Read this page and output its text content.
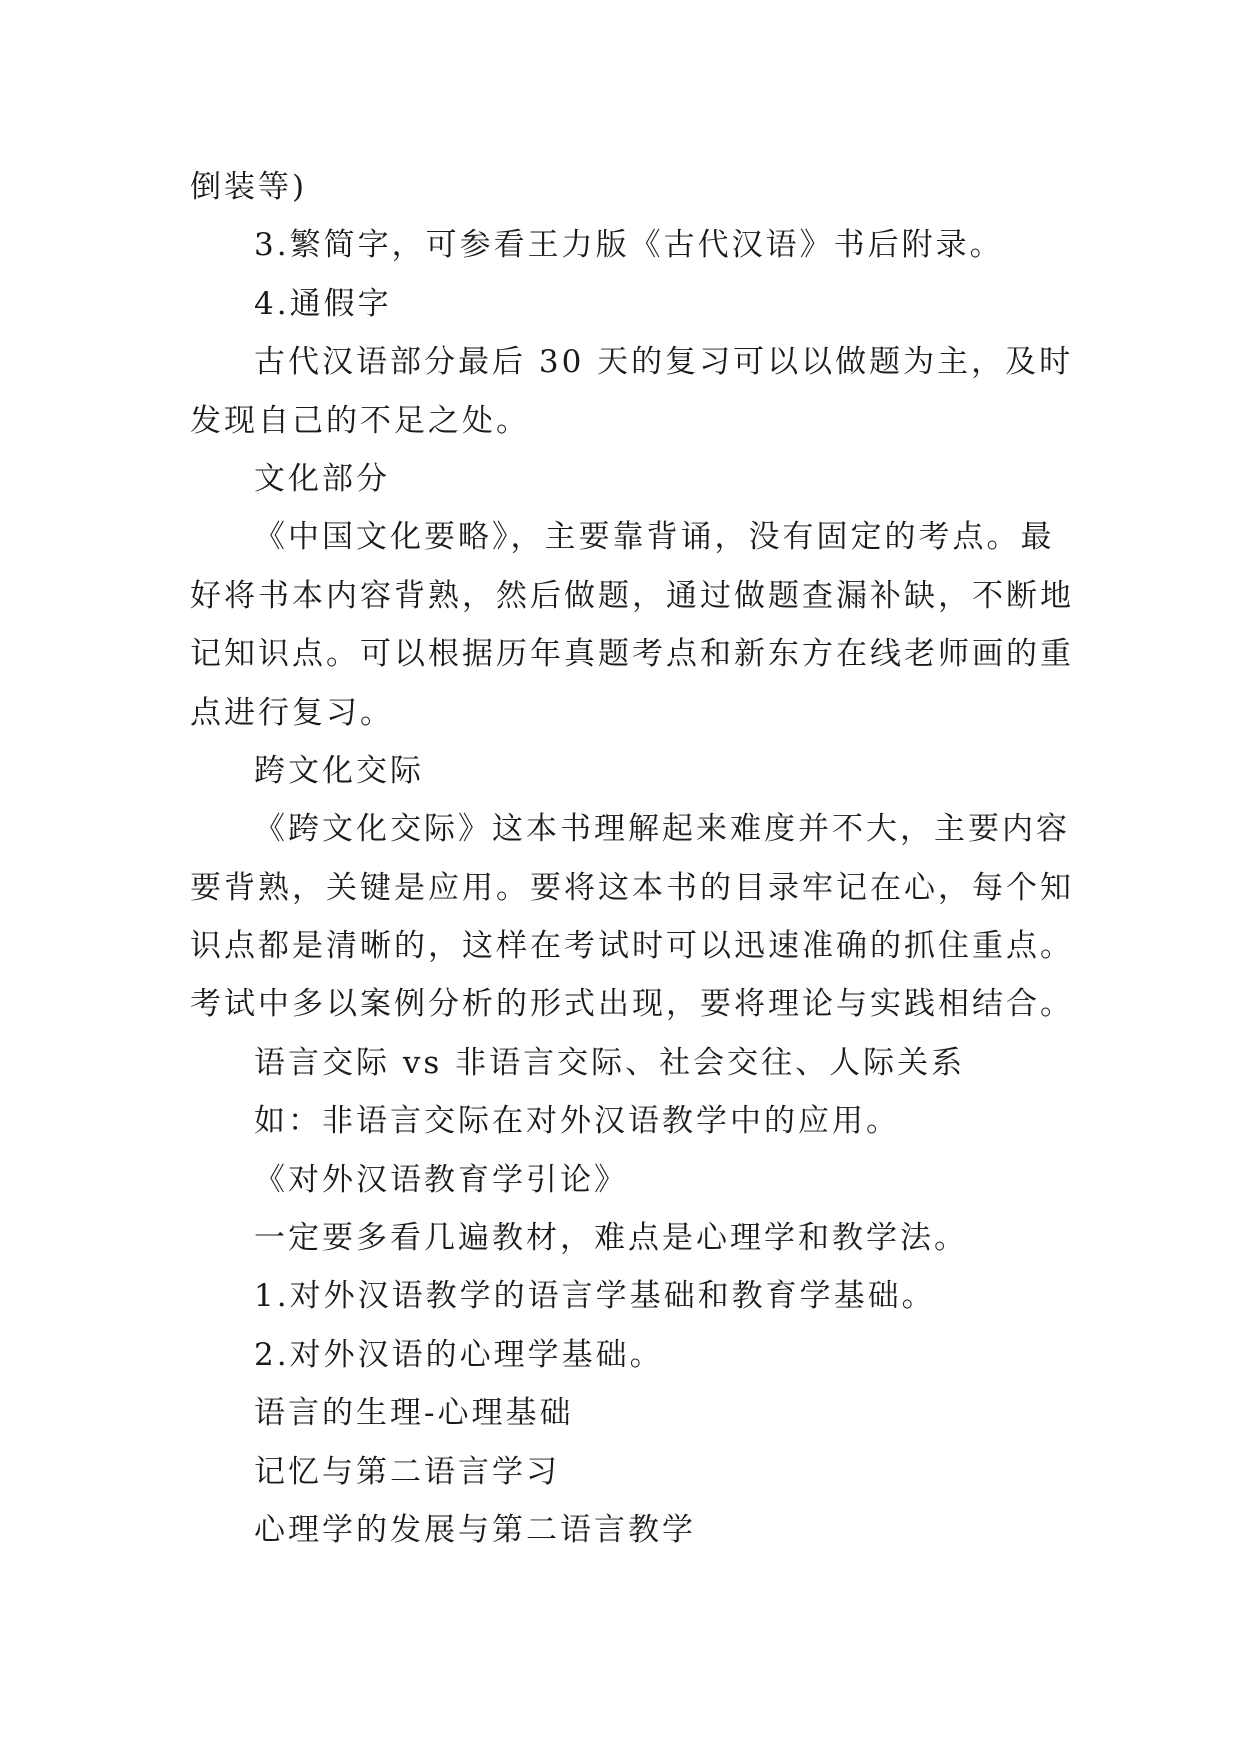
倒装等)
3.繁简字，可参看王力版《古代汉语》书后附录。
4.通假字
古代汉语部分最后 30 天的复习可以以做题为主，及时
发现自己的不足之处。
文化部分
《中国文化要略》，主要靠背诵，没有固定的考点。最
好将书本内容背熟，然后做题，通过做题查漏补缺，不断地
记知识点。可以根据历年真题考点和新东方在线老师画的重
点进行复习。
跨文化交际
《跨文化交际》这本书理解起来难度并不大，主要内容
要背熟，关键是应用。要将这本书的目录牢记在心，每个知
识点都是清晰的，这样在考试时可以迅速准确的抓住重点。
考试中多以案例分析的形式出现，要将理论与实践相结合。
语言交际 vs 非语言交际、社会交往、人际关系
如：非语言交际在对外汉语教学中的应用。
《对外汉语教育学引论》
一定要多看几遍教材，难点是心理学和教学法。
1.对外汉语教学的语言学基础和教育学基础。
2.对外汉语的心理学基础。
语言的生理-心理基础
记忆与第二语言学习
心理学的发展与第二语言教学
